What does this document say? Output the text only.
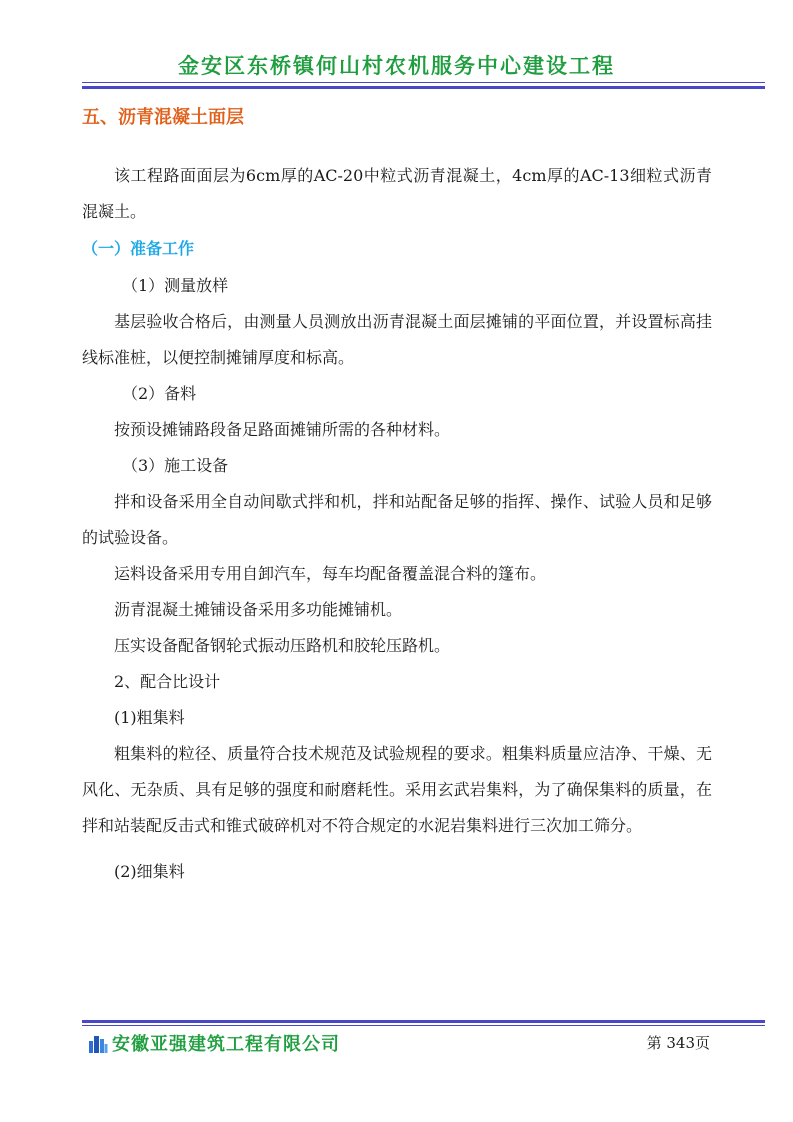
金安区东桥镇何山村农机服务中心建设工程
五、沥青混凝土面层

该工程路面面层为6cm厚的AC-20中粒式沥青混凝土，4cm厚的AC-13细粒式沥青混凝土。

（一）准备工作

（1）测量放样

基层验收合格后，由测量人员测放出沥青混凝土面层摊铺的平面位置，并设置标高挂线标准桩，以便控制摊铺厚度和标高。

（2）备料

按预设摊铺路段备足路面摊铺所需的各种材料。

（3）施工设备

拌和设备采用全自动间歇式拌和机，拌和站配备足够的指挥、操作、试验人员和足够的试验设备。

运料设备采用专用自卸汽车，每车均配备覆盖混合料的篷布。

沥青混凝土摊铺设备采用多功能摊铺机。

压实设备配备钢轮式振动压路机和胶轮压路机。

2、配合比设计

(1)粗集料

粗集料的粒径、质量符合技术规范及试验规程的要求。粗集料质量应洁净、干燥、无风化、无杂质、具有足够的强度和耐磨耗性。采用玄武岩集料，为了确保集料的质量，在拌和站装配反击式和锥式破碎机对不符合规定的水泥岩集料进行三次加工筛分。

(2)细集料

安徽亚强建筑工程有限公司	第 343页
